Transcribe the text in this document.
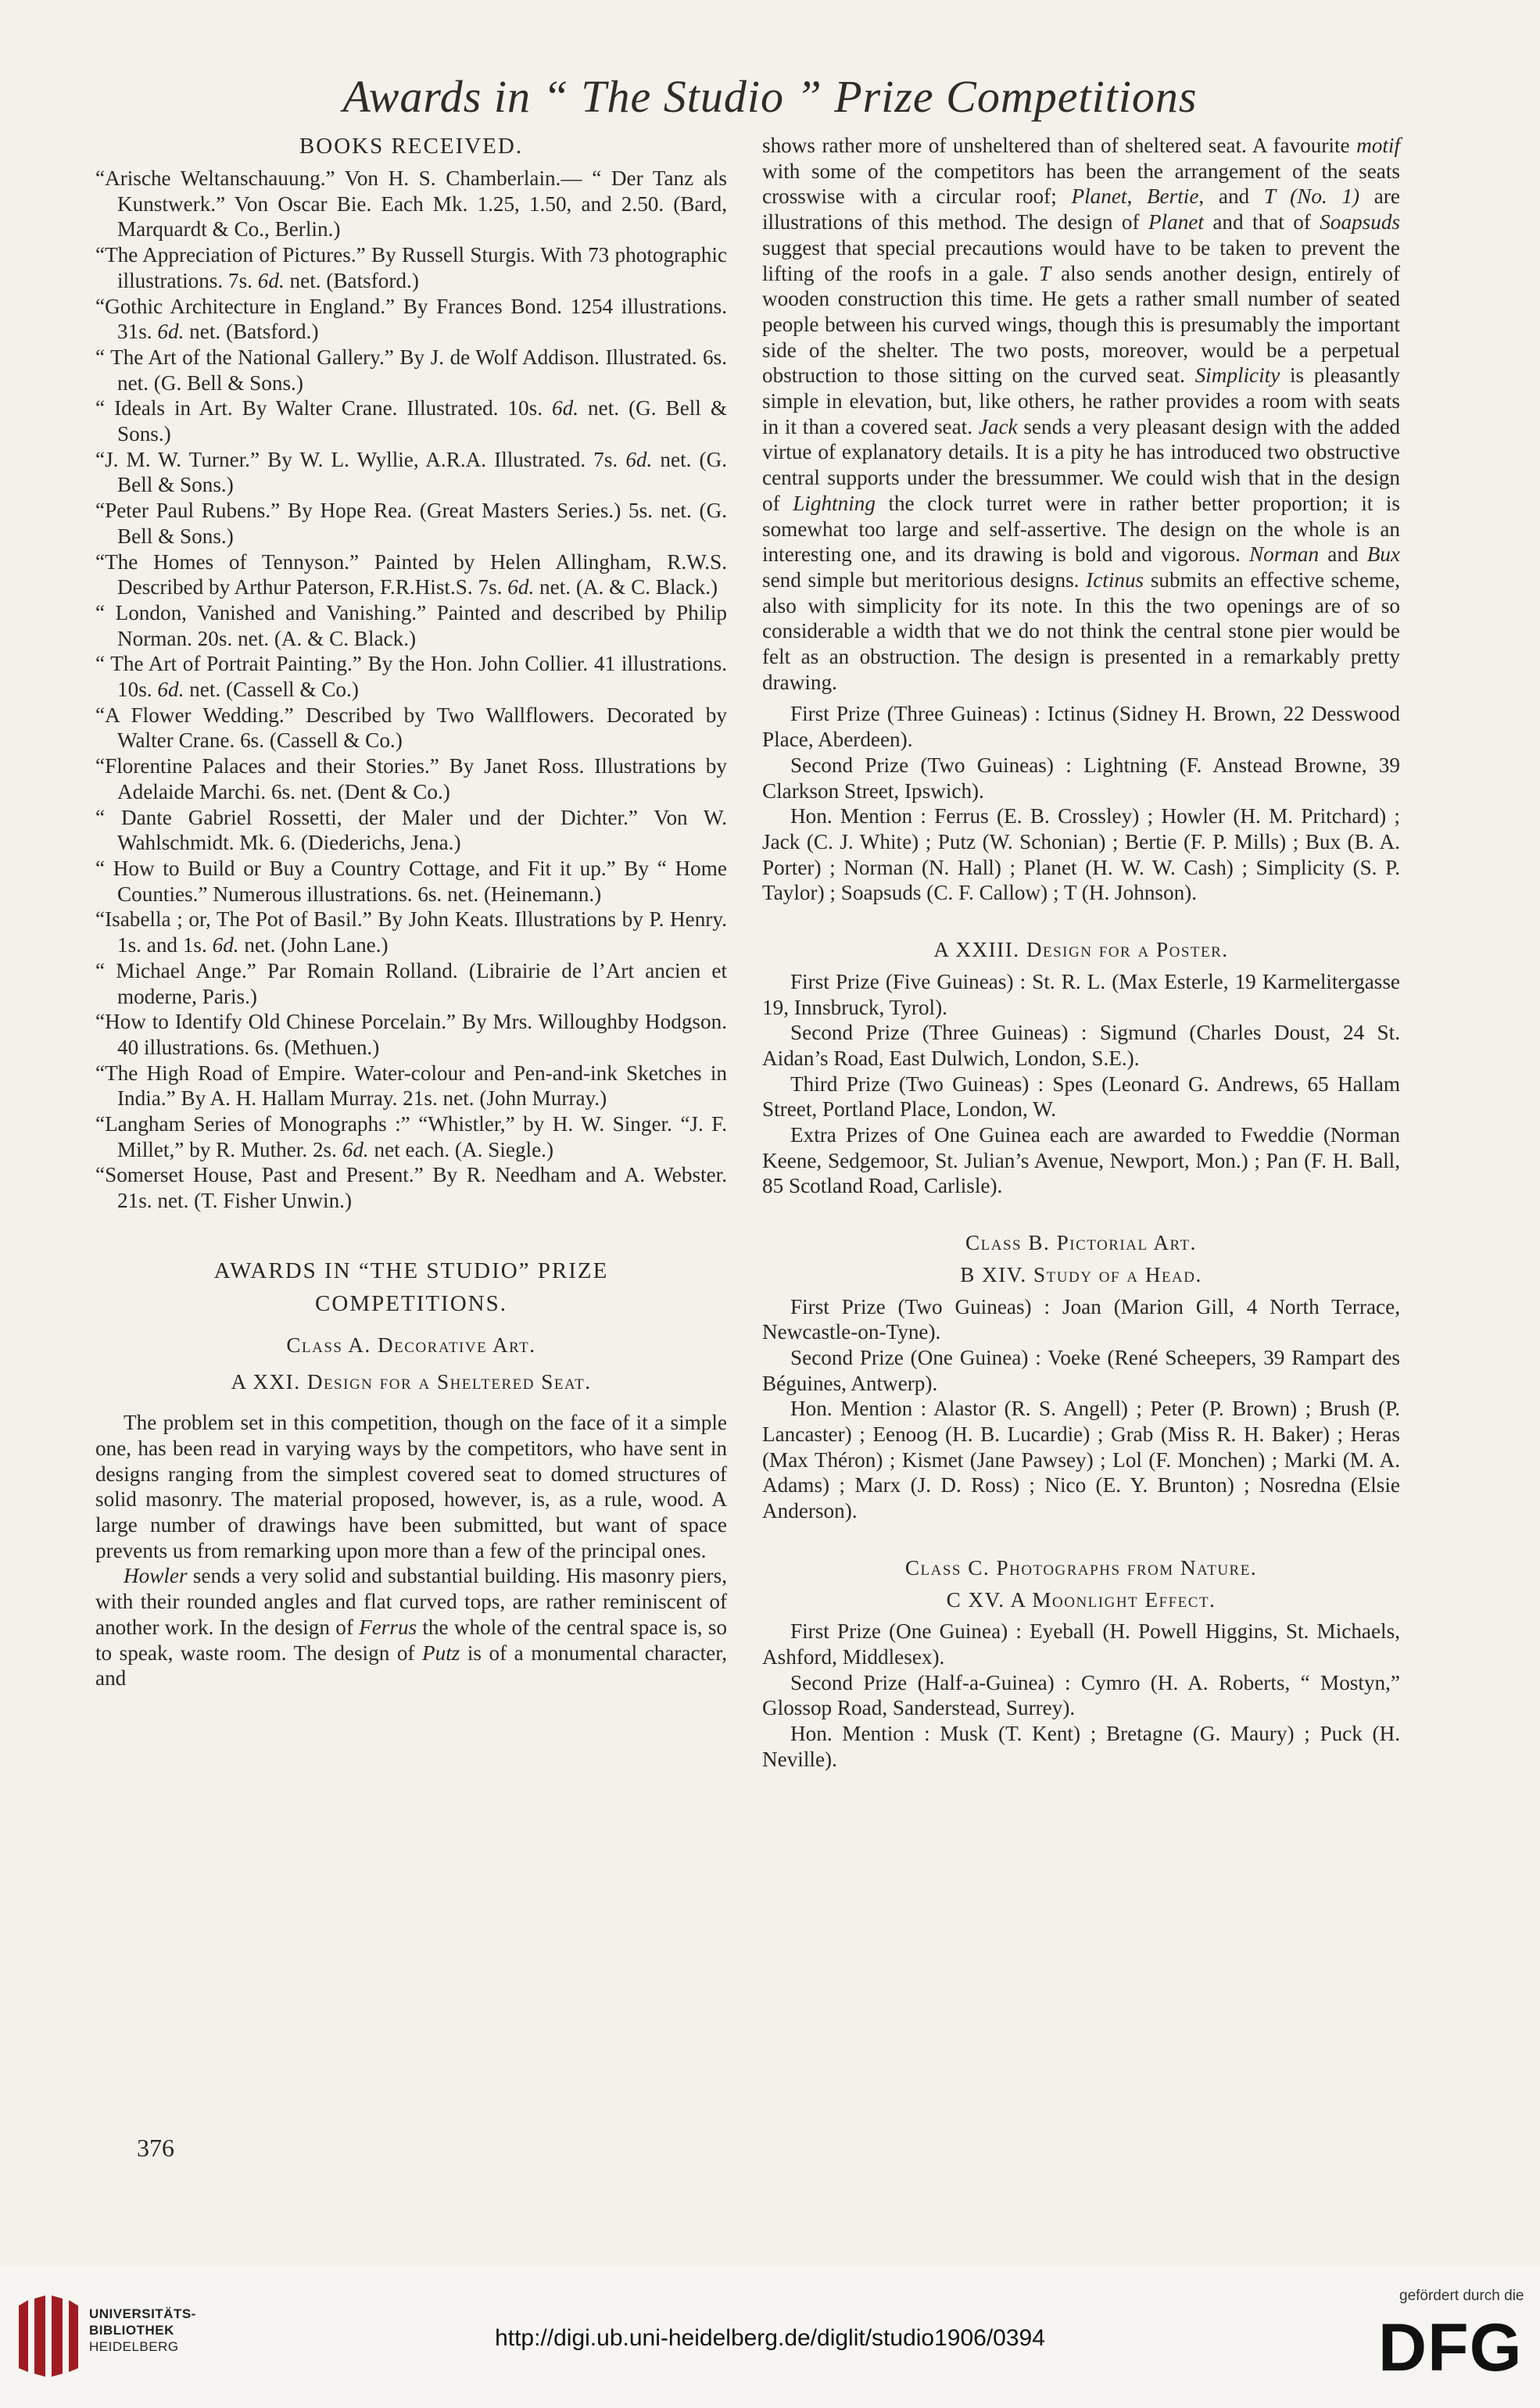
Awards in “ The Studio ” Prize Competitions
BOOKS RECEIVED.

“Arische Weltanschauung.” Von H. S. Chamberlain.— “ Der Tanz als Kunstwerk.” Von Oscar Bie. Each Mk. 1.25, 1.50, and 2.50. (Bard, Marquardt & Co., Berlin.)

“The Appreciation of Pictures.” By Russell Sturgis. With 73 photographic illustrations. 7s. 6d. net. (Batsford.)

“Gothic Architecture in England.” By Frances Bond. 1254 illustrations. 31s. 6d. net. (Batsford.)

“ The Art of the National Gallery.” By J. de Wolf Addison. Illustrated. 6s. net. (G. Bell & Sons.)

“ Ideals in Art. By Walter Crane. Illustrated. 10s. 6d. net. (G. Bell & Sons.)

“J. M. W. Turner.” By W. L. Wyllie, A.R.A. Illustrated. 7s. 6d. net. (G. Bell & Sons.)

“Peter Paul Rubens.” By Hope Rea. (Great Masters Series.) 5s. net. (G. Bell & Sons.)

“The Homes of Tennyson.” Painted by Helen Allingham, R.W.S. Described by Arthur Paterson, F.R.Hist.S. 7s. 6d. net. (A. & C. Black.)

“ London, Vanished and Vanishing.” Painted and described by Philip Norman. 20s. net. (A. & C. Black.)

“ The Art of Portrait Painting.” By the Hon. John Collier. 41 illustrations. 10s. 6d. net. (Cassell & Co.)

“A Flower Wedding.” Described by Two Wallflowers. Decorated by Walter Crane. 6s. (Cassell & Co.)

“Florentine Palaces and their Stories.” By Janet Ross. Illustrations by Adelaide Marchi. 6s. net. (Dent & Co.)

“ Dante Gabriel Rossetti, der Maler und der Dichter.” Von W. Wahlschmidt. Mk. 6. (Diederichs, Jena.)

“ How to Build or Buy a Country Cottage, and Fit it up.” By “ Home Counties.” Numerous illustrations. 6s. net. (Heinemann.)

“Isabella ; or, The Pot of Basil.” By John Keats. Illustrations by P. Henry. 1s. and 1s. 6d. net. (John Lane.)

“ Michael Ange.” Par Romain Rolland. (Librairie de l’Art ancien et moderne, Paris.)

“How to Identify Old Chinese Porcelain.” By Mrs. Willoughby Hodgson. 40 illustrations. 6s. (Methuen.)

“The High Road of Empire. Water-colour and Pen-and-ink Sketches in India.” By A. H. Hallam Murray. 21s. net. (John Murray.)

“Langham Series of Monographs :” “Whistler,” by H. W. Singer. “J. F. Millet,” by R. Muther. 2s. 6d. net each. (A. Siegle.)

“Somerset House, Past and Present.” By R. Needham and A. Webster. 21s. net. (T. Fisher Unwin.)

AWARDS IN “THE STUDIO” PRIZE
COMPETITIONS.
Class A. Decorative Art.
A XXI. Design for a Sheltered Seat.

The problem set in this competition, though on the face of it a simple one, has been read in varying ways by the competitors, who have sent in designs ranging from the simplest covered seat to domed structures of solid masonry. The material proposed, however, is, as a rule, wood. A large number of drawings have been submitted, but want of space prevents us from remarking upon more than a few of the principal ones.

Howler sends a very solid and substantial building. His masonry piers, with their rounded angles and flat curved tops, are rather reminiscent of another work. In the design of Ferrus the whole of the central space is, so to speak, waste room. The design of Putz is of a monumental character, and

376

shows rather more of unsheltered than of sheltered seat. A favourite motif with some of the competitors has been the arrangement of the seats crosswise with a circular roof; Planet, Bertie, and T (No. 1) are illustrations of this method. The design of Planet and that of Soapsuds suggest that special precautions would have to be taken to prevent the lifting of the roofs in a gale. T also sends another design, entirely of wooden construction this time. He gets a rather small number of seated people between his curved wings, though this is presumably the important side of the shelter. The two posts, moreover, would be a perpetual obstruction to those sitting on the curved seat. Simplicity is pleasantly simple in elevation, but, like others, he rather provides a room with seats in it than a covered seat. Jack sends a very pleasant design with the added virtue of explanatory details. It is a pity he has introduced two obstructive central supports under the bressummer. We could wish that in the design of Lightning the clock turret were in rather better proportion; it is somewhat too large and self-assertive. The design on the whole is an interesting one, and its drawing is bold and vigorous. Norman and Bux send simple but meritorious designs. Ictinus submits an effective scheme, also with simplicity for its note. In this the two openings are of so considerable a width that we do not think the central stone pier would be felt as an obstruction. The design is presented in a remarkably pretty drawing.

First Prize (Three Guineas) : Ictinus (Sidney H. Brown, 22 Desswood Place, Aberdeen).

Second Prize (Two Guineas) : Lightning (F. Anstead Browne, 39 Clarkson Street, Ipswich).

Hon. Mention : Ferrus (E. B. Crossley) ; Howler (H. M. Pritchard) ; Jack (C. J. White) ; Putz (W. Schonian) ; Bertie (F. P. Mills) ; Bux (B. A. Porter) ; Norman (N. Hall) ; Planet (H. W. W. Cash) ; Simplicity (S. P. Taylor) ; Soapsuds (C. F. Callow) ; T (H. Johnson).

A XXIII. Design for a Poster.

First Prize (Five Guineas) : St. R. L. (Max Esterle, 19 Karmelitergasse 19, Innsbruck, Tyrol).

Second Prize (Three Guineas) : Sigmund (Charles Doust, 24 St. Aidan’s Road, East Dulwich, London, S.E.).

Third Prize (Two Guineas) : Spes (Leonard G. Andrews, 65 Hallam Street, Portland Place, London, W.

Extra Prizes of One Guinea each are awarded to Fweddie (Norman Keene, Sedgemoor, St. Julian’s Avenue, Newport, Mon.) ; Pan (F. H. Ball, 85 Scotland Road, Carlisle).

Class B. Pictorial Art.
B XIV. Study of a Head.

First Prize (Two Guineas) : Joan (Marion Gill, 4 North Terrace, Newcastle-on-Tyne).

Second Prize (One Guinea) : Voeke (René Scheepers, 39 Rampart des Béguines, Antwerp).

Hon. Mention : Alastor (R. S. Angell) ; Peter (P. Brown) ; Brush (P. Lancaster) ; Eenoog (H. B. Lucardie) ; Grab (Miss R. H. Baker) ; Heras (Max Théron) ; Kismet (Jane Pawsey) ; Lol (F. Monchen) ; Marki (M. A. Adams) ; Marx (J. D. Ross) ; Nico (E. Y. Brunton) ; Nosredna (Elsie Anderson).

Class C. Photographs from Nature.
C XV. A Moonlight Effect.

First Prize (One Guinea) : Eyeball (H. Powell Higgins, St. Michaels, Ashford, Middlesex).

Second Prize (Half-a-Guinea) : Cymro (H. A. Roberts, “ Mostyn,” Glossop Road, Sanderstead, Surrey).

Hon. Mention : Musk (T. Kent) ; Bretagne (G. Maury) ; Puck (H. Neville).

UNIVERSITÄTS-
BIBLIOTHEK
HEIDELBERG	http://digi.ub.uni-heidelberg.de/diglit/studio1906/0394
gefördert durch die
DFG
